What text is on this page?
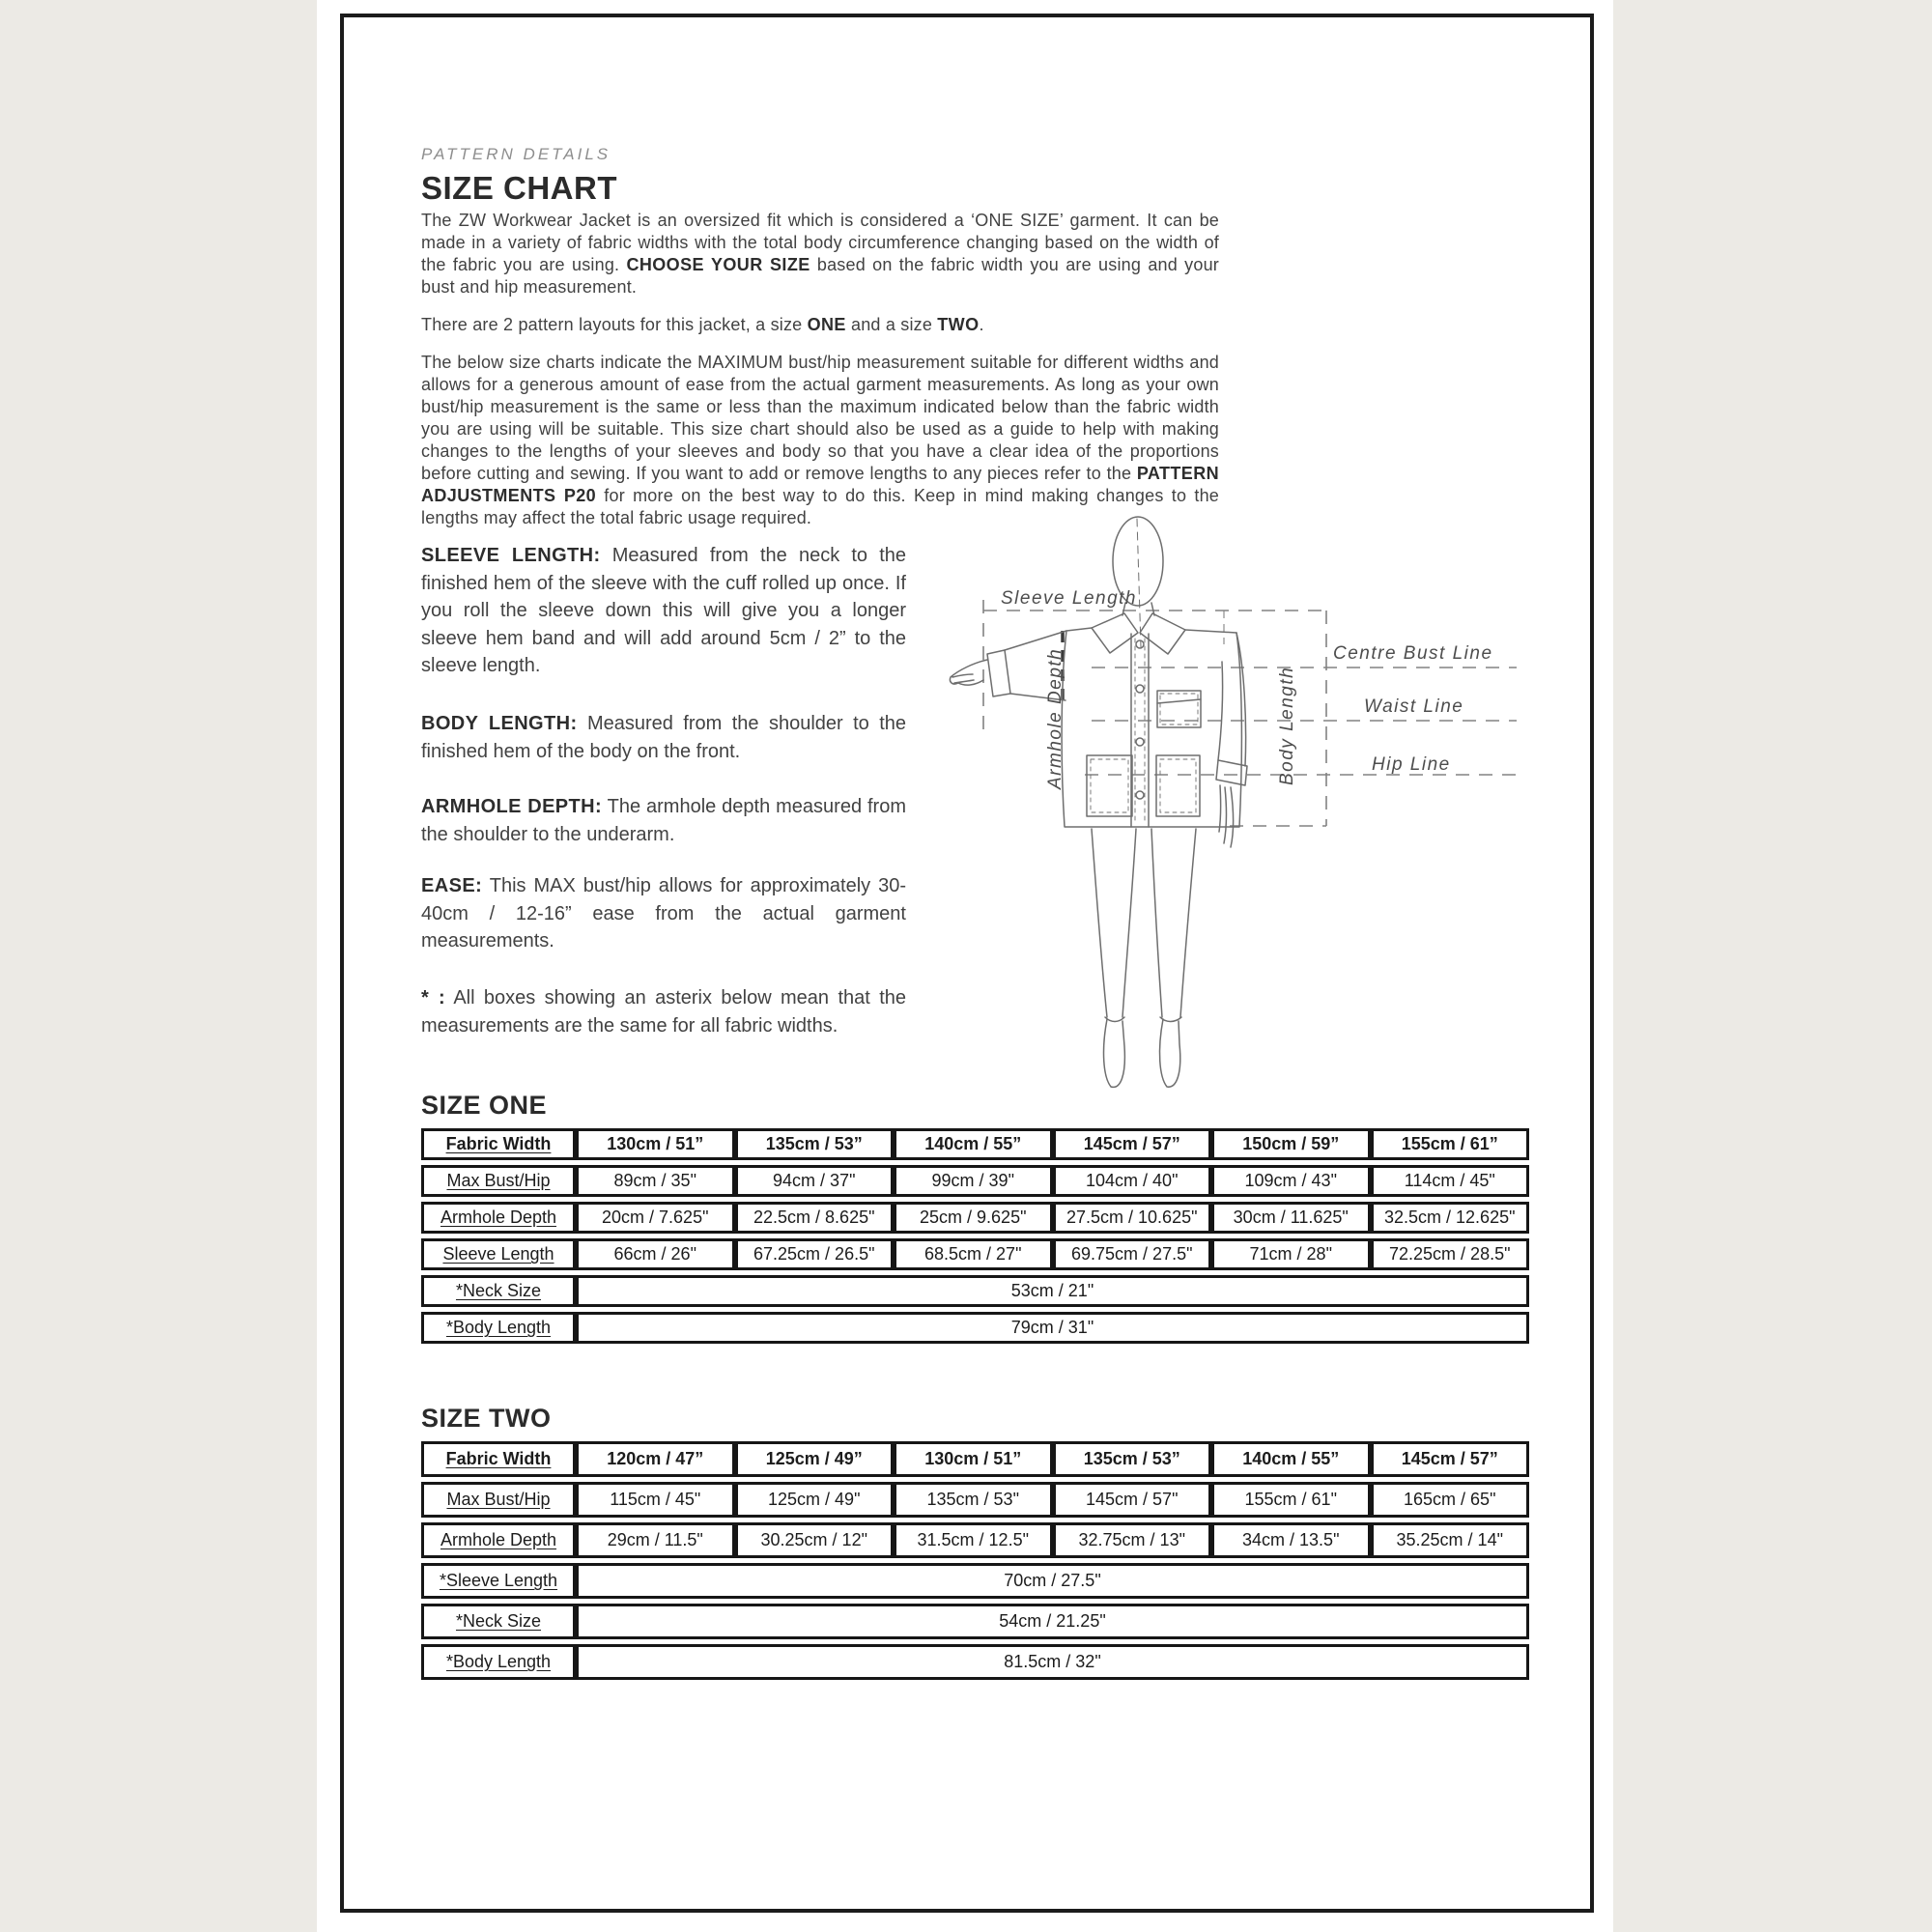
PATTERN DETAILS
SIZE CHART

The ZW Workwear Jacket is an oversized fit which is considered a ‘ONE SIZE’ garment. It can be made in a variety of fabric widths with the total body circumference changing based on the width of the fabric you are using. CHOOSE YOUR SIZE based on the fabric width you are using and your bust and hip measurement.

There are 2 pattern layouts for this jacket, a size ONE and a size TWO.

The below size charts indicate the MAXIMUM bust/hip measurement suitable for different widths and allows for a generous amount of ease from the actual garment measurements. As long as your own bust/hip measurement is the same or less than the maximum indicated below than the fabric width you are using will be suitable. This size chart should also be used as a guide to help with making changes to the lengths of your sleeves and body so that you have a clear idea of the proportions before cutting and sewing. If you want to add or remove lengths to any pieces refer to the PATTERN ADJUSTMENTS P20 for more on the best way to do this. Keep in mind making changes to the lengths may affect the total fabric usage required.

SLEEVE LENGTH: Measured from the neck to the finished hem of the sleeve with the cuff rolled up once. If you roll the sleeve down this will give you a longer sleeve hem band and will add around 5cm / 2” to the sleeve length.

BODY LENGTH: Measured from the shoulder to the finished hem of the body on the front.

ARMHOLE DEPTH: The armhole depth measured from the shoulder to the underarm.

EASE: This MAX bust/hip allows for approximately 30-40cm / 12-16” ease from the actual garment measurements.

* : All boxes showing an asterix below mean that the measurements are the same for all fabric widths.

Sleeve Length
Centre Bust Line
Waist Line
Hip Line
Armhole Depth	Body Length
SIZE ONE
Fabric Width	130cm / 51”	135cm / 53”	140cm / 55”	145cm / 57”	150cm / 59”	155cm / 61”
Max Bust/Hip	89cm / 35"	94cm / 37"	99cm / 39"	104cm / 40"	109cm / 43"	114cm / 45"
Armhole Depth	20cm / 7.625"	22.5cm / 8.625"	25cm / 9.625"	27.5cm / 10.625"	30cm / 11.625"	32.5cm / 12.625"
Sleeve Length	66cm / 26"	67.25cm / 26.5"	68.5cm / 27"	69.75cm / 27.5"	71cm / 28"	72.25cm / 28.5"
*Neck Size	53cm / 21"					
*Body Length	79cm / 31"					
SIZE TWO
Fabric Width	120cm / 47”	125cm / 49”	130cm / 51”	135cm / 53”	140cm / 55”	145cm / 57”
Max Bust/Hip	115cm / 45"	125cm / 49"	135cm / 53"	145cm / 57"	155cm / 61"	165cm / 65"
Armhole Depth	29cm / 11.5"	30.25cm / 12"	31.5cm / 12.5"	32.75cm / 13"	34cm / 13.5"	35.25cm / 14"
*Sleeve Length	70cm / 27.5"					
*Neck Size	54cm / 21.25"					
*Body Length	81.5cm / 32"					
